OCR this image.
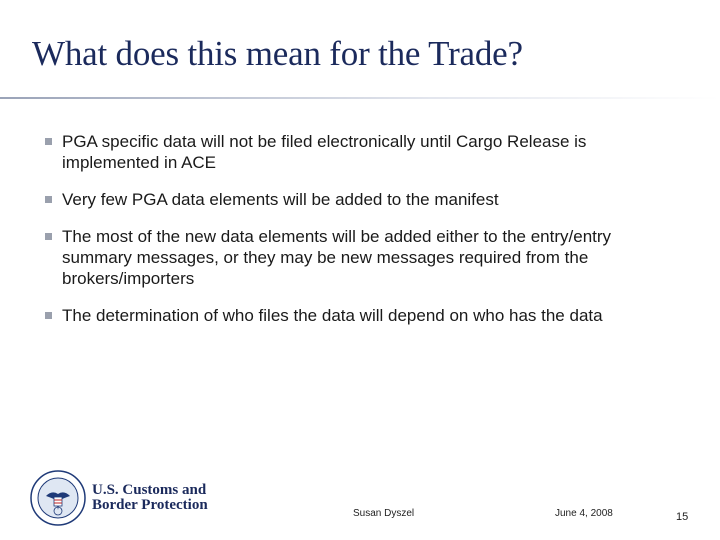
What does this mean for the Trade?
PGA specific data will not be filed electronically until Cargo Release is implemented in ACE
Very few PGA data elements will be added to the manifest
The most of the new data elements will be added either to the entry/entry summary messages, or they may be new messages required from the brokers/importers
The determination of who files the data will depend on who has the data
U.S. Customs and
Border Protection
Susan Dyszel	June 4, 2008	15
